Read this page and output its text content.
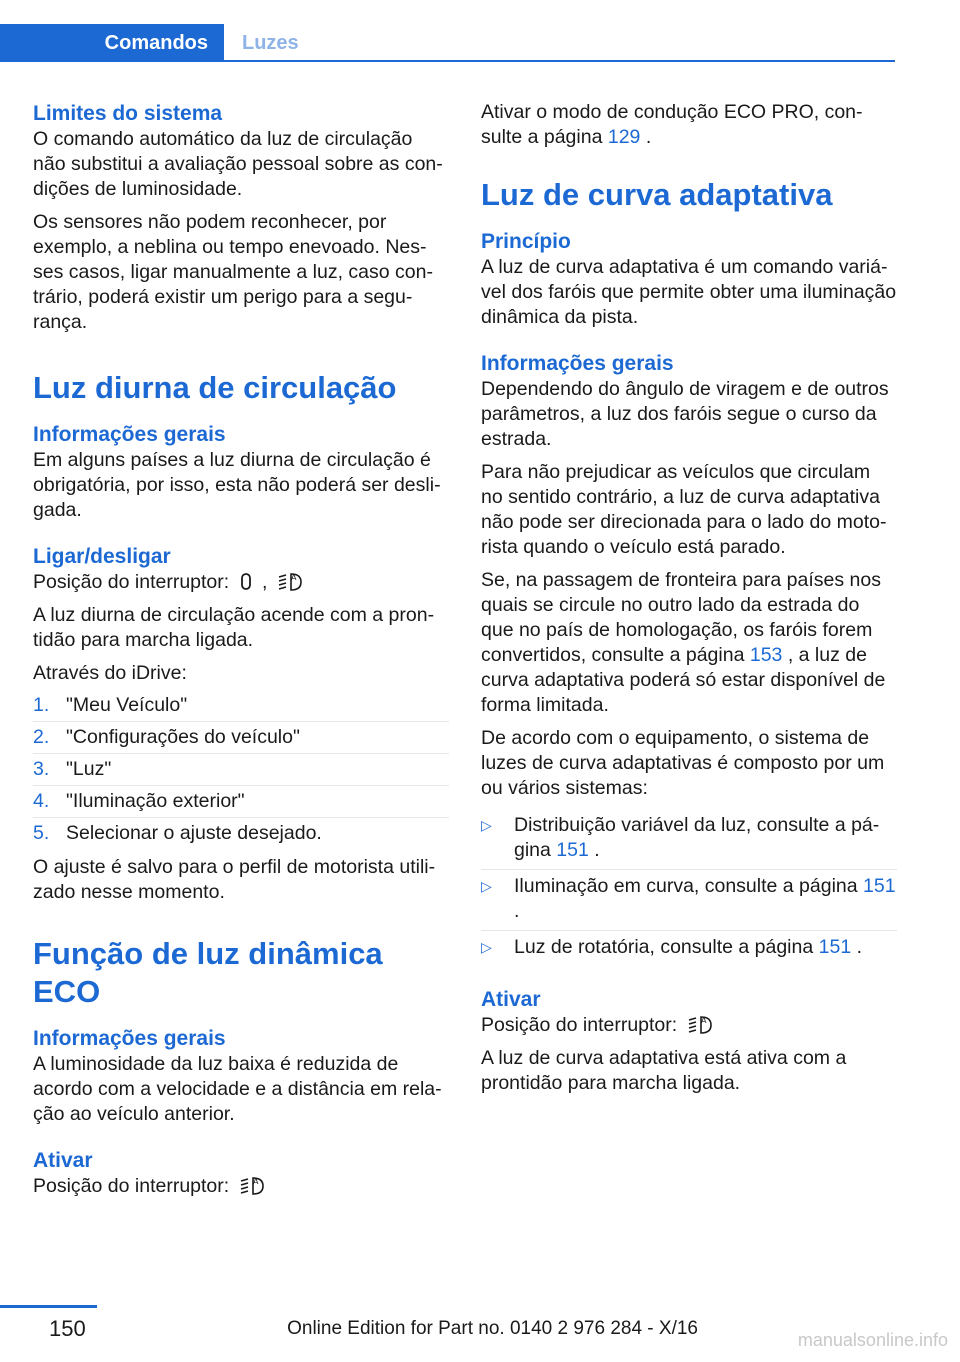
Comandos	Luzes
Limites do sistema

O comando automático da luz de circulação não substitui a avaliação pessoal sobre as condições de luminosidade.

Os sensores não podem reconhecer, por exemplo, a neblina ou tempo enevoado. Nesses casos, ligar manualmente a luz, caso contrário, poderá existir um perigo para a segurança.

Luz diurna de circulação
Informações gerais

Em alguns países a luz diurna de circulação é obrigatória, por isso, esta não poderá ser desligada.

Ligar/desligar

Posição do interruptor: ,	A

A luz diurna de circulação acende com a prontidão para marcha ligada.

Através do iDrive:

1. "Meu Veículo"
2. "Configurações do veículo"
3. "Luz"
4. "Iluminação exterior"
5. Selecionar o ajuste desejado.

O ajuste é salvo para o perfil de motorista utilizado nesse momento.

Função de luz dinâmica ECO
Informações gerais

A luminosidade da luz baixa é reduzida de acordo com a velocidade e a distância em relação ao veículo anterior.

Ativar

Posição do interruptor:	A

Ativar o modo de condução ECO PRO, consulte a página 129 .

Luz de curva adaptativa
Princípio

A luz de curva adaptativa é um comando variável dos faróis que permite obter uma iluminação dinâmica da pista.

Informações gerais

Dependendo do ângulo de viragem e de outros parâmetros, a luz dos faróis segue o curso da estrada.

Para não prejudicar as veículos que circulam no sentido contrário, a luz de curva adaptativa não pode ser direcionada para o lado do motorista quando o veículo está parado.

Se, na passagem de fronteira para países nos quais se circule no outro lado da estrada do que no país de homologação, os faróis forem convertidos, consulte a página 153 , a luz de curva adaptativa poderá só estar disponível de forma limitada.

De acordo com o equipamento, o sistema de luzes de curva adaptativas é composto por um ou vários sistemas:

▷	Distribuição variável da luz, consulte a página 151 .
▷	Iluminação em curva, consulte a página 151 .
▷	Luz de rotatória, consulte a página 151 .
Ativar

Posição do interruptor:	A

A luz de curva adaptativa está ativa com a prontidão para marcha ligada.

150	Online Edition for Part no. 0140 2 976 284 - X/16
manualsonline.info
